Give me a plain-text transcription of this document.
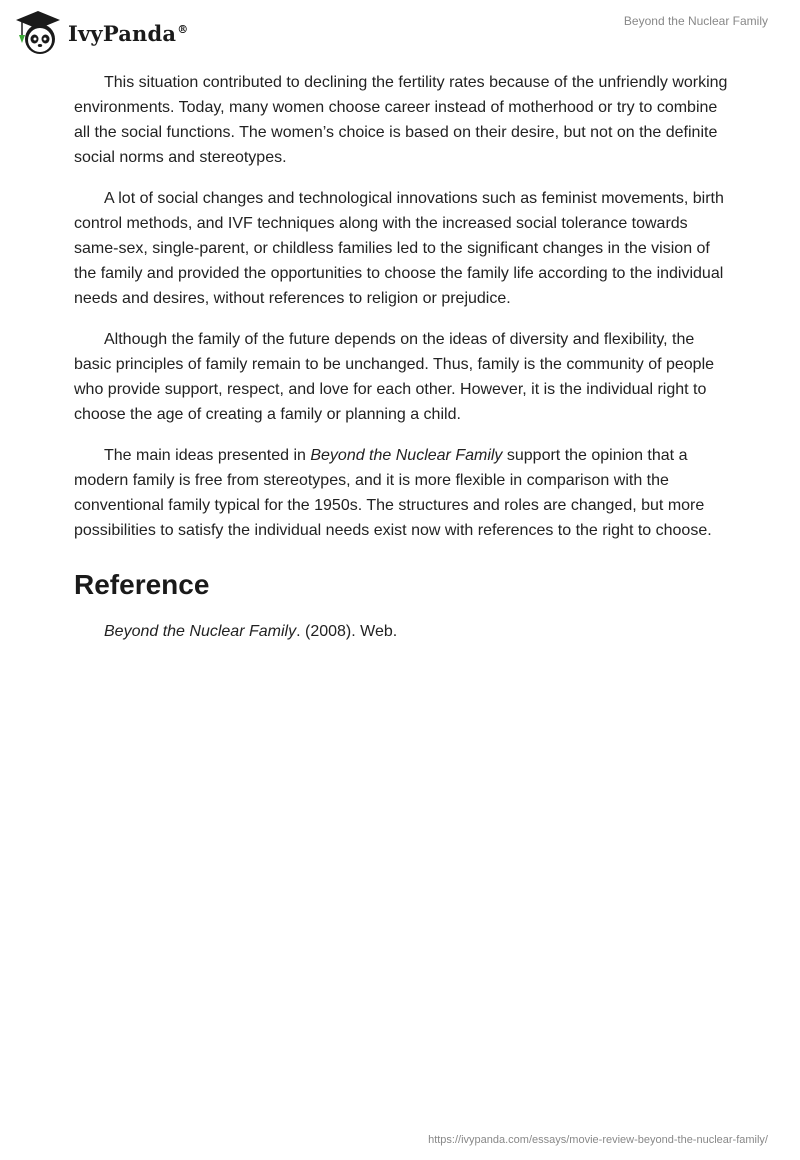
IvyPanda®
Beyond the Nuclear Family

This situation contributed to declining the fertility rates because of the unfriendly working environments. Today, many women choose career instead of motherhood or try to combine all the social functions. The women’s choice is based on their desire, but not on the definite social norms and stereotypes.

A lot of social changes and technological innovations such as feminist movements, birth control methods, and IVF techniques along with the increased social tolerance towards same-sex, single-parent, or childless families led to the significant changes in the vision of the family and provided the opportunities to choose the family life according to the individual needs and desires, without references to religion or prejudice.

Although the family of the future depends on the ideas of diversity and flexibility, the basic principles of family remain to be unchanged. Thus, family is the community of people who provide support, respect, and love for each other. However, it is the individual right to choose the age of creating a family or planning a child.

The main ideas presented in Beyond the Nuclear Family support the opinion that a modern family is free from stereotypes, and it is more flexible in comparison with the conventional family typical for the 1950s. The structures and roles are changed, but more possibilities to satisfy the individual needs exist now with references to the right to choose.

Reference

Beyond the Nuclear Family. (2008). Web.

https://ivypanda.com/essays/movie-review-beyond-the-nuclear-family/
